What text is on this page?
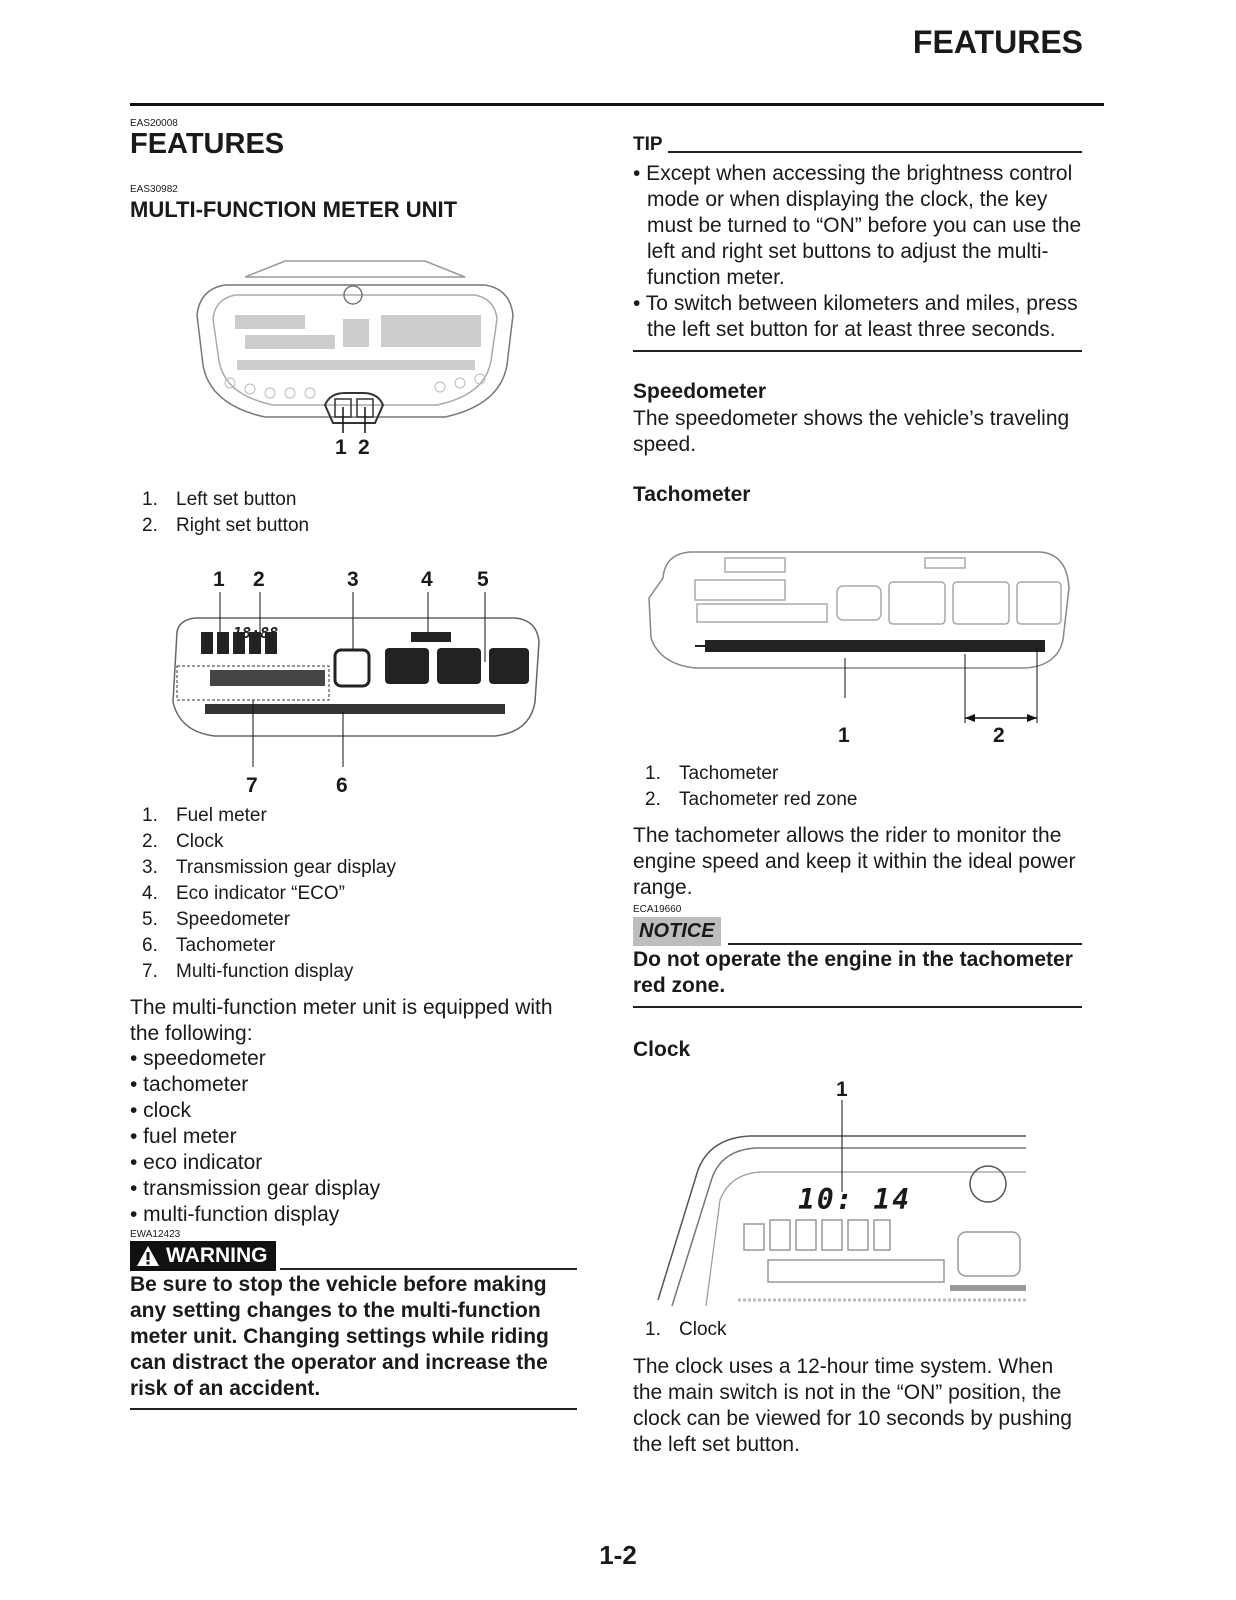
FEATURES
EAS20008
FEATURES
EAS30982
MULTI-FUNCTION METER UNIT
1 2
1. Left set button
2. Right set button
1 2	3	4 5
18:88
7	6
1. Fuel meter
2. Clock
3. Transmission gear display
4. Eco indicator “ECO”
5. Speedometer
6. Tachometer
7. Multi-function display
The multi-function meter unit is equipped with
the following:
• speedometer
• tachometer
• clock
• fuel meter
• eco indicator
• transmission gear display
• multi-function display
EWA12423
WARNING
Be sure to stop the vehicle before making
any setting changes to the multi-function
meter unit. Changing settings while riding
can distract the operator and increase the
risk of an accident.
TIP
• Except when accessing the brightness control
mode or when displaying the clock, the key
must be turned to “ON” before you can use the
left and right set buttons to adjust the multi-
function meter.
• To switch between kilometers and miles, press
the left set button for at least three seconds.
Speedometer
The speedometer shows the vehicle’s traveling
speed.
Tachometer
1	2
1. Tachometer
2. Tachometer red zone
The tachometer allows the rider to monitor the
engine speed and keep it within the ideal power
range.
ECA19660
NOTICE
Do not operate the engine in the tachometer
red zone.
Clock
1
10: 14
1. Clock
The clock uses a 12-hour time system. When
the main switch is not in the “ON” position, the
clock can be viewed for 10 seconds by pushing
the left set button.
1-2
